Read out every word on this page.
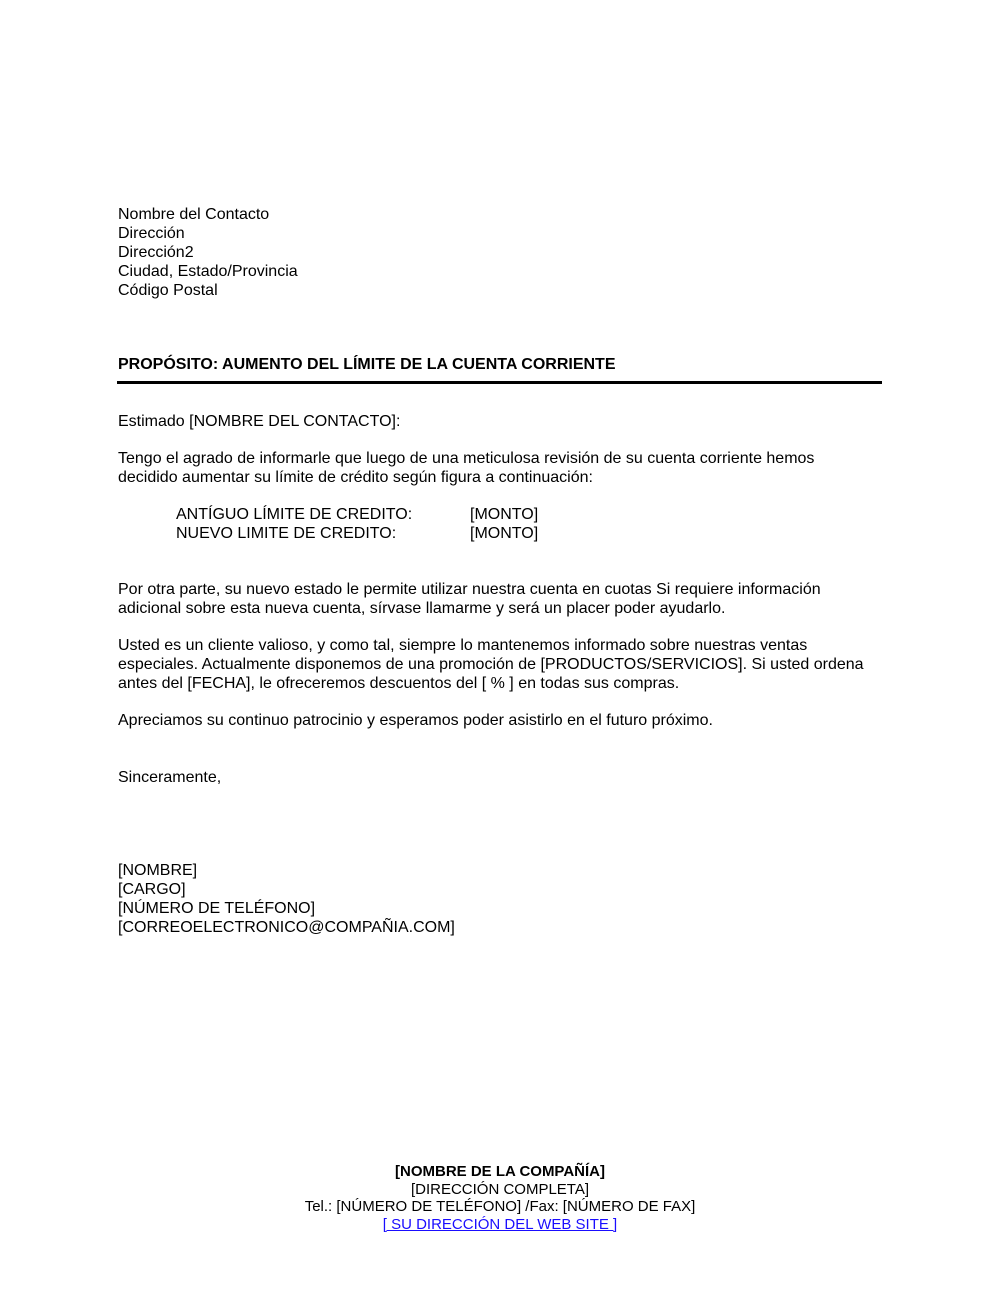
Nombre del Contacto
Dirección
Dirección2
Ciudad, Estado/Provincia
Código Postal
PROPÓSITO: AUMENTO DEL LÍMITE DE LA CUENTA CORRIENTE
Estimado [NOMBRE DEL CONTACTO]:
Tengo el agrado de informarle que luego de una meticulosa revisión de su cuenta corriente hemos
decidido aumentar su límite de crédito según figura a continuación:
ANTÍGUO LÍMITE DE CREDITO:	[MONTO]
NUEVO LIMITE DE CREDITO:	[MONTO]
Por otra parte, su nuevo estado le permite utilizar nuestra cuenta en cuotas Si requiere información
adicional sobre esta nueva cuenta, sírvase llamarme y será un placer poder ayudarlo.
Usted es un cliente valioso, y como tal, siempre lo mantenemos informado sobre nuestras ventas
especiales. Actualmente disponemos de una promoción de [PRODUCTOS/SERVICIOS]. Si usted ordena
antes del [FECHA], le ofreceremos descuentos del [ % ] en todas sus compras.
Apreciamos su continuo patrocinio y esperamos poder asistirlo en el futuro próximo.
Sinceramente,
[NOMBRE]
[CARGO]
[NÚMERO DE TELÉFONO]
[CORREOELECTRONICO@COMPAÑIA.COM]
[NOMBRE DE LA COMPAÑÍA]
[DIRECCIÓN COMPLETA]
Tel.: [NÚMERO DE TELÉFONO] /Fax: [NÚMERO DE FAX]
[ SU DIRECCIÓN DEL WEB SITE ]
